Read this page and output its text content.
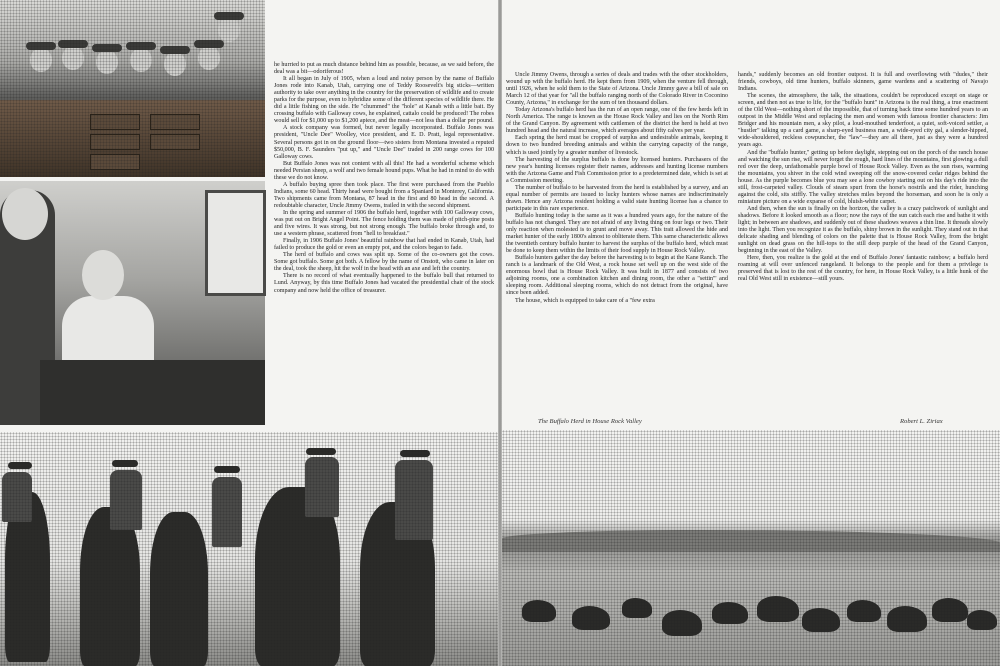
he hurried to put as much distance behind him as possible, because, as we said before, the deal was a bit—odoriferous!

It all began in July of 1905, when a loud and noisy person by the name of Buffalo Jones rode into Kanab, Utah, carrying one of Teddy Roosevelt's big sticks—written authority to take over anything in the country for the preservation of wildlife and to create parks for the purpose, even to hybridize some of the different species of wildlife there. He did a little fishing on the side. He "chummed" the "hole" at Kanab with a little bait. By crossing buffalo with Galloway cows, he explained, cattalo could be produced! The robes would sell for $1,000 up to $1,200 apiece, and the meat—not less than a dollar per pound.

A stock company was formed, but never legally incorporated. Buffalo Jones was president, "Uncle Dee" Woolley, vice president, and E. D. Pratt, legal representative. Several persons got in on the ground floor—two sisters from Montana invested a reputed $50,000, B. F. Saunders "put up," and "Uncle Dee" traded in 200 range cows for 100 Galloway cows.

But Buffalo Jones was not content with all this! He had a wonderful scheme which needed Persian sheep, a wolf and two female hound pups. What he had in mind to do with these we do not know.

A buffalo buying spree then took place. The first were purchased from the Pueblo Indians, some 60 head. Thirty head were bought from a Spaniard in Monterey, California. Two shipments came from Montana, 87 head in the first and 80 head in the second. A redoubtable character, Uncle Jimmy Owens, trailed in with the second shipment.

In the spring and summer of 1906 the buffalo herd, together with 100 Galloway cows, was put out on Bright Angel Point. The fence holding them was made of pitch-pine posts and five wires. It was strong, but not strong enough. The buffalo broke through and, to use a western phrase, scattered from "hell to breakfast."

Finally, in 1906 Buffalo Jones' beautiful rainbow that had ended in Kanab, Utah, had failed to produce the gold or even an empty pot, and the colors began to fade.

The herd of buffalo and cows was split up. Some of the co-owners got the cows. Some got buffalo. Some got both. A fellow by the name of Onstott, who came in later on the deal, took the sheep, hit the wolf in the head with an axe and left the country.

There is no record of what eventually happened to the buffalo bull that returned to Lund. Anyway, by this time Buffalo Jones had vacated the presidential chair of the stock company and now held the office of treasurer.

Uncle Jimmy Owens, through a series of deals and trades with the other stockholders, wound up with the buffalo herd. He kept them from 1909, when the venture fell through, until 1926, when he sold them to the State of Arizona. Uncle Jimmy gave a bill of sale on March 12 of that year for "all the buffalo ranging north of the Colorado River in Coconino County, Arizona," in exchange for the sum of ten thousand dollars.

Today Arizona's buffalo herd has the run of an open range, one of the few herds left in North America. The range is known as the House Rock Valley and lies on the North Rim of the Grand Canyon. By agreement with cattlemen of the district the herd is held at two hundred head and the natural increase, which averages about fifty calves per year.

Each spring the herd must be cropped of surplus and undesirable animals, keeping it down to two hundred breeding animals and within the carrying capacity of the range, which is used jointly by a greater number of livestock.

The harvesting of the surplus buffalo is done by licensed hunters. Purchasers of the new year's hunting licenses register their names, addresses and hunting license numbers with the Arizona Game and Fish Commission prior to a predetermined date, which is set at a Commission meeting.

The number of buffalo to be harvested from the herd is established by a survey, and an equal number of permits are issued to lucky hunters whose names are indiscriminately drawn. Hence any Arizona resident holding a valid state hunting license has a chance to participate in this rare experience.

Buffalo hunting today is the same as it was a hundred years ago, for the nature of the buffalo has not changed. They are not afraid of any living thing on four legs or two. Their only reaction when molested is to grunt and move away. This trait allowed the hide and market hunter of the early 1800's almost to obliterate them. This same characteristic allows the twentieth century buffalo hunter to harvest the surplus of the buffalo herd, which must be done to keep them within the limits of their food supply in House Rock Valley.

Buffalo hunters gather the day before the harvesting is to begin at the Kane Ranch. The ranch is a landmark of the Old West, a rock house set well up on the west side of the enormous bowl that is House Rock Valley. It was built in 1877 and consists of two adjoining rooms, one a combination kitchen and dining room, the other a "settin'" and sleeping room. Additional sleeping rooms, which do not detract from the original, have since been added.

The house, which is equipped to take care of a "few extra

hands," suddenly becomes an old frontier outpost. It is full and overflowing with "dudes," their friends, cowboys, old time hunters, buffalo skinners, game wardens and a scattering of Navajo Indians.

The scenes, the atmosphere, the talk, the situations, couldn't be reproduced except on stage or screen, and then not as true to life, for the "buffalo hunt" in Arizona is the real thing, a true enactment of the Old West—nothing short of the impossible, that of turning back time some hundred years to an outpost in the Middle West and replacing the men and women with famous frontier characters: Jim Bridger and his mountain men, a sky pilot, a loud-mouthed tenderfoot, a quiet, soft-voiced settler, a "hustler" talking up a card game, a sharp-eyed business man, a wide-eyed city gal, a slender-hipped, wide-shouldered, reckless cowpuncher, the "law"—they are all there, just as they were a hundred years ago.

And the "buffalo hunter," getting up before daylight, stepping out on the porch of the ranch house and watching the sun rise, will never forget the rough, hard lines of the mountains, first glowing a dull red over the deep, unfathomable purple bowl of House Rock Valley. Even as the sun rises, warming the mountains, you shiver in the cold wind sweeping off the snow-covered cedar ridges behind the house. As the purple becomes blue you may see a lone cowboy starting out on his day's ride into the still, frost-carpeted valley. Clouds of steam spurt from the horse's nostrils and the rider, hunching against the cold, sits stiffly. The valley stretches miles beyond the horseman, and soon he is only a miniature picture on a wide expanse of cold, bluish-white carpet.

And then, when the sun is finally on the horizon, the valley is a crazy patchwork of sunlight and shadows. Before it looked smooth as a floor; now the rays of the sun catch each rise and bathe it with light; in between are shadows, and suddenly out of these shadows weaves a thin line. It threads slowly into the light. Then you recognize it as the buffalo, shiny brown in the sunlight. They stand out in that delicate shading and blending of colors on the palette that is House Rock Valley, from the bright sunlight on dead grass on the hill-tops to the still deep purple of the head of the Grand Canyon, beginning in the east of the Valley.

Here, then, you realize is the gold at the end of Buffalo Jones' fantastic rainbow; a buffalo herd roaming at will over unfenced rangeland. It belongs to the people and for them a privilege is preserved that is lost to the rest of the country, for here, in House Rock Valley, is a little hunk of the real Old West still in existence—still yours.

The Buffalo Herd in House Rock Valley	Robert L. Ziriax
